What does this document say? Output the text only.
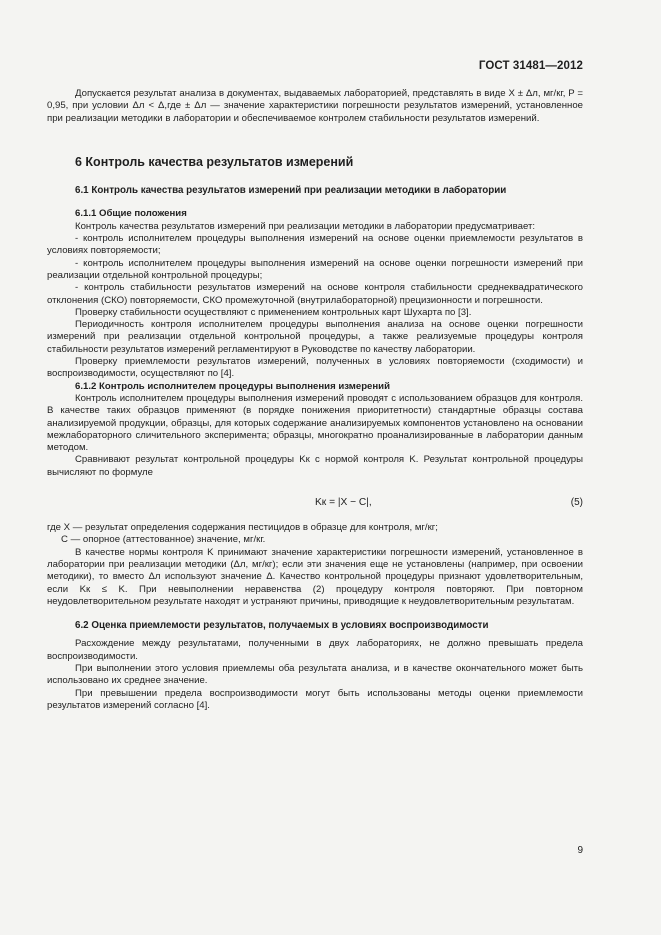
ГОСТ 31481—2012

Допускается результат анализа в документах, выдаваемых лабораторией, представлять в виде X ± Δл, мг/кг, P = 0,95, при условии Δл < Δ,где ± Δл — значение характеристики погрешности результатов измерений, установленное при реализации методики в лаборатории и обеспечиваемое контролем стабильности результатов измерений.

6 Контроль качества результатов измерений
6.1 Контроль качества результатов измерений при реализации методики в лаборатории
6.1.1 Общие положения

Контроль качества результатов измерений при реализации методики в лаборатории предусматривает:

- контроль исполнителем процедуры выполнения измерений на основе оценки приемлемости результатов в условиях повторяемости;

- контроль исполнителем процедуры выполнения измерений на основе оценки погрешности измерений при реализации отдельной контрольной процедуры;

- контроль стабильности результатов измерений на основе контроля стабильности среднеквадратического отклонения (СКО) повторяемости, СКО промежуточной (внутрилабораторной) прецизионности и погрешности.

Проверку стабильности осуществляют с применением контрольных карт Шухарта по [3].

Периодичность контроля исполнителем процедуры выполнения анализа на основе оценки погрешности измерений при реализации отдельной контрольной процедуры, а также реализуемые процедуры контроля стабильности результатов измерений регламентируют в Руководстве по качеству лаборатории.

Проверку приемлемости результатов измерений, полученных в условиях повторяемости (сходимости) и воспроизводимости, осуществляют по [4].

6.1.2 Контроль исполнителем процедуры выполнения измерений

Контроль исполнителем процедуры выполнения измерений проводят с использованием образцов для контроля. В качестве таких образцов применяют (в порядке понижения приоритетности) стандартные образцы состава анализируемой продукции, образцы, для которых содержание анализируемых компонентов установлено на основании межлабораторного сличительного эксперимента; образцы, многократно проанализированные в лаборатории данным методом.

Сравнивают результат контрольной процедуры Kк с нормой контроля K. Результат контрольной процедуры вычисляют по формуле

Kк = |X − C|,	(5)

где X — результат определения содержания пестицидов в образце для контроля, мг/кг;

C — опорное (аттестованное) значение, мг/кг.

В качестве нормы контроля K принимают значение характеристики погрешности измерений, установленное в лаборатории при реализации методики (Δл, мг/кг); если эти значения еще не установлены (например, при освоении методики), то вместо Δл используют значение Δ. Качество контрольной процедуры признают удовлетворительным, если Kк ≤ K. При невыполнении неравенства (2) процедуру контроля повторяют. При повторном неудовлетворительном результате находят и устраняют причины, приводящие к неудовлетворительным результатам.

6.2 Оценка приемлемости результатов, получаемых в условиях воспроизводимости

Расхождение между результатами, полученными в двух лабораториях, не должно превышать предела воспроизводимости.

При выполнении этого условия приемлемы оба результата анализа, и в качестве окончательного может быть использовано их среднее значение.

При превышении предела воспроизводимости могут быть использованы методы оценки приемлемости результатов измерений согласно [4].

9
